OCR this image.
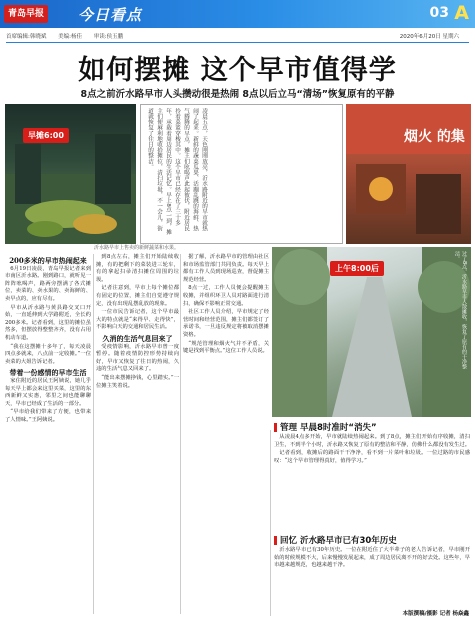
青岛早报 今日看点	03 A
首席编辑:韩晓斌 美编:杨佳 审读:侯玉鹏	2020年6月20日 星期六
如何摆摊 这个早市值得学
8点之前沂水路早市人头攒动很是热闹 8点以后立马“清场”恢复原有的平静
早摊6:00	凌晨五点，天色刚刚放亮，沂水路附近的早市就热闹了起来。新鲜的蔬菜瓜果、活蹦乱跳的海鲜、热气腾腾的早点，摊主们吆喝声此起彼伏，附近居民拎着菜篮穿梭其中。这个早市已经存在了三十多年，承载着周边居民的生活记忆。早上8点一到，摊主们便麻利地收拾摊位，清扫垃圾，不一会儿，街道就恢复了往日的整洁。
沂水路早市上售卖的新鲜蔬菜和水果。
烟火 的集
上午8:00后	过了8点，沂水路早市人散摊收，恢复了原有的干净整洁。

200多米的早市热闹起来

6月19日凌晨，青岛早报记者来到市南区沂水路。刚到路口，就听见一阵阵吆喝声，路两旁摆满了各式摊位，卖菜的、卖水果的、卖海鲜的、卖早点的，应有尽有。

早市从沂水路与黄县路交叉口开始，一直延伸到大学路附近，全长约200多米。记者看到，这里的摊位虽然多，但摆放得整整齐齐，没有占用机动车道。

“我在这摆摊十多年了，每天凌晨四点多就来，八点前一定收摊。”一位卖菜的大姐告诉记者。

带着一份感情的早市生活

家住附近的居民王阿姨说，她几乎每天早上都会来这里买菜，这里的东西新鲜又实惠，邻里之间也能聊聊天，早市已经成了生活的一部分。

“早市给我们带来了方便，也带来了人情味。”王阿姨说。

到8点左右，摊主们开始陆续收摊，有的把剩下的菜装进三轮车，有的拿起扫帚清扫摊位周围的垃圾。

记者注意到，早市上每个摊位都有固定的位置，摊主们自觉遵守规定，没有出现乱摆乱放的现象。

一位市民告诉记者，这个早市最大的特点就是“来得早、走得快”，不影响白天的交通和居民生活。

久消的生活气息回来了

受疫情影响，沂水路早市曾一度暂停。随着疫情防控形势持续向好，早市又恢复了往日的热闹，久违的生活气息又回来了。

“能出来摆摊挣钱，心里踏实。”一位摊主笑着说。

据了解，沂水路早市的管理由社区和市场监管部门共同负责。每天早上都有工作人员到现场巡查，督促摊主规范经营。

8点一过，工作人员便会提醒摊主收摊，并组织环卫人员对路面进行清扫，确保不影响正常交通。

社区工作人员介绍，早市规定了经营时间和经营范围，摊主们都签订了承诺书，一旦违反规定将被取消摆摊资格。

“规范管理和烟火气并不矛盾，关键是找到平衡点。”这位工作人员说。

管理 早晨8时准时“消失”

从凌晨4点多开始，早市就陆续热闹起来。到了8点，摊主们开始有序收摊，清扫卫生，不到半个小时，沂水路又恢复了原有的整洁和平静，仿佛什么都没有发生过。

记者看到，收摊后的路面干干净净，看不到一片菜叶和垃圾。一位过路的市民感叹：“这个早市管理得真好，值得学习。”

回忆 沂水路早市已有30年历史

沂水路早市已有30年历史。一位在附近住了大半辈子的老人告诉记者，早市刚开始的时候规模不大，后来慢慢发展起来，成了周边居民离不开的好去处。这些年，早市越来越规范，也越来越干净。

本版撰稿/摄影 记者 杨焱鑫
